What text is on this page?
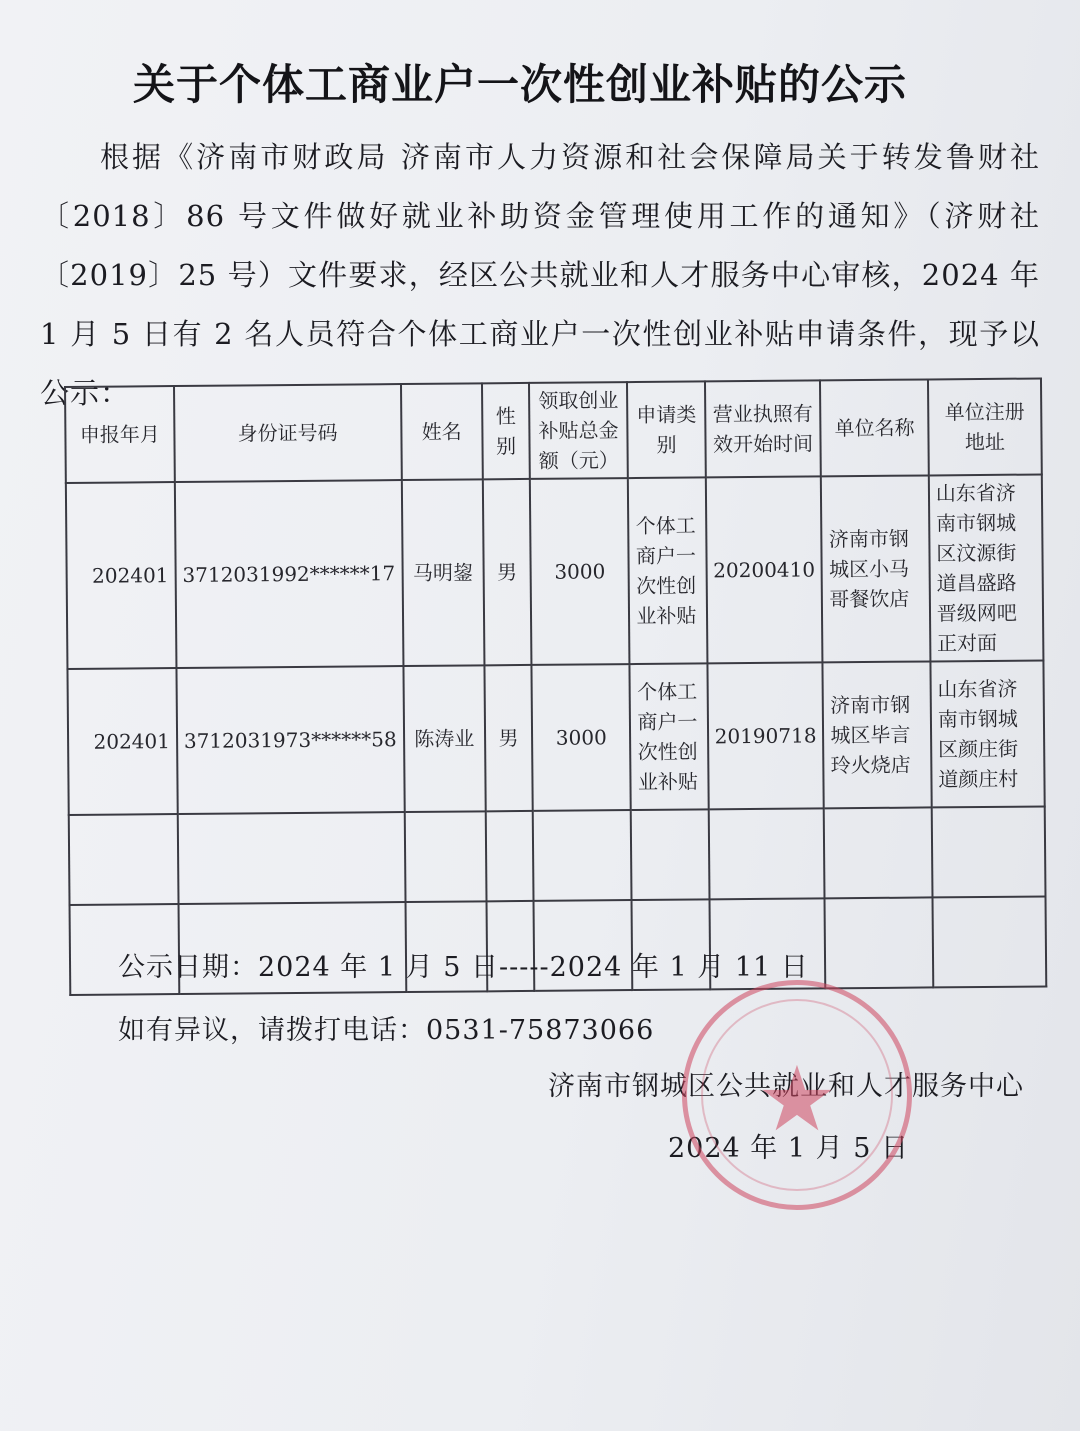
关于个体工商业户一次性创业补贴的公示
根据《济南市财政局 济南市人力资源和社会保障局关于转发鲁财社〔2018〕86 号文件做好就业补助资金管理使用工作的通知》（济财社〔2019〕25 号）文件要求，经区公共就业和人才服务中心审核，2024 年 1 月 5 日有 2 名人员符合个体工商业户一次性创业补贴申请条件，现予以公示：
申报年月	身份证号码	姓名	性别	领取创业补贴总金额（元）	申请类别	营业执照有效开始时间	单位名称	单位注册地址
202401	3712031992******17	马明鋆	男	3000	个体工商户一次性创业补贴	20200410	济南市钢城区小马哥餐饮店	山东省济南市钢城区汶源街道昌盛路晋级网吧正对面
202401	3712031973******58	陈涛业	男	3000	个体工商户一次性创业补贴	20190718	济南市钢城区毕言玲火烧店	山东省济南市钢城区颜庄街道颜庄村

公示日期：2024 年 1 月 5 日-----2024 年 1 月 11 日
如有异议，请拨打电话：0531-75873066
济南市钢城区公共就业和人才服务中心
2024 年 1 月 5 日
★
